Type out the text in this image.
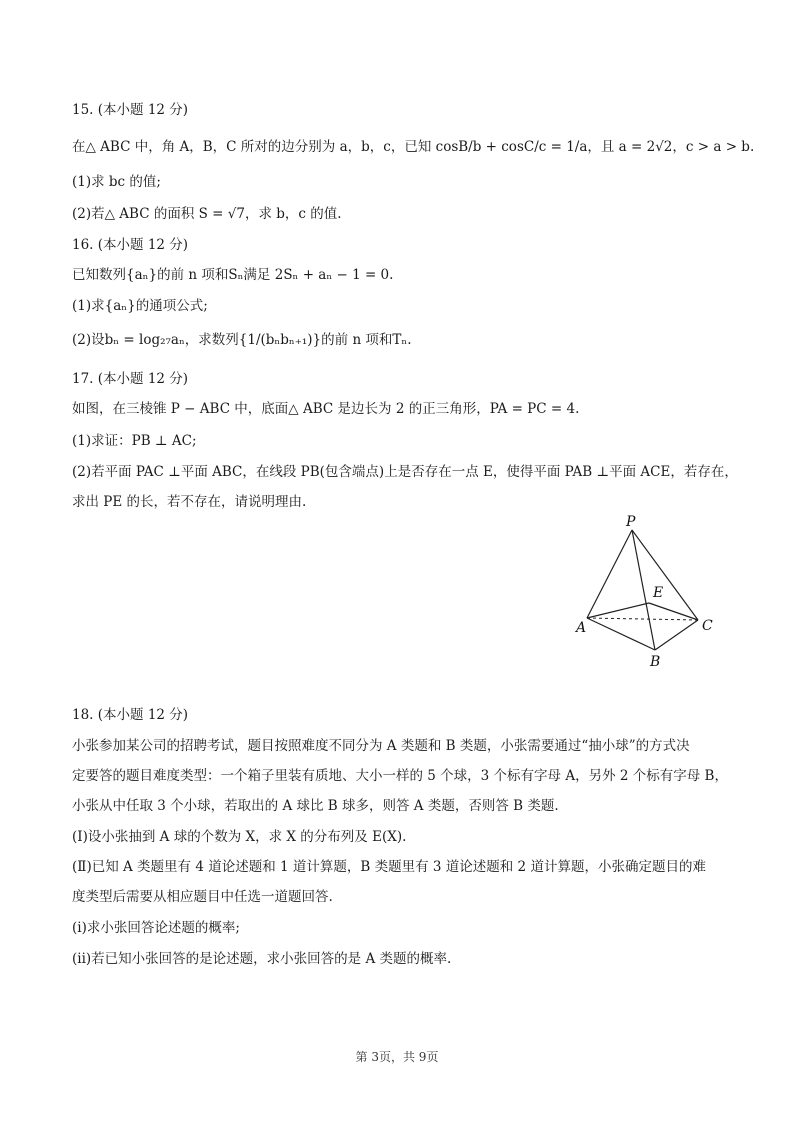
15. (本小题 12 分)
在△ ABC 中，角 A，B，C 所对的边分别为 a，b，c，已知 cosB/b + cosC/c = 1/a，且 a = 2√2，c > a > b.
(1)求 bc 的值;
(2)若△ ABC 的面积 S = √7，求 b，c 的值.
16. (本小题 12 分)
已知数列{aₙ}的前 n 项和Sₙ满足 2Sₙ + aₙ − 1 = 0.
(1)求{aₙ}的通项公式;
(2)设bₙ = log₂₇aₙ，求数列{1/(bₙbₙ₊₁)}的前 n 项和Tₙ.
17. (本小题 12 分)
如图，在三棱锥 P − ABC 中，底面△ ABC 是边长为 2 的正三角形，PA = PC = 4.
(1)求证：PB ⊥ AC;
(2)若平面 PAC ⊥平面 ABC，在线段 PB(包含端点)上是否存在一点 E，使得平面 PAB ⊥平面 ACE，若存在，
求出 PE 的长，若不存在，请说明理由.
P
E
A	C
B
18. (本小题 12 分)
小张参加某公司的招聘考试，题目按照难度不同分为 A 类题和 B 类题，小张需要通过“抽小球”的方式决
定要答的题目难度类型：一个箱子里装有质地、大小一样的 5 个球，3 个标有字母 A，另外 2 个标有字母 B，
小张从中任取 3 个小球，若取出的 A 球比 B 球多，则答 A 类题，否则答 B 类题.
(Ⅰ)设小张抽到 A 球的个数为 X，求 X 的分布列及 E(X).
(Ⅱ)已知 A 类题里有 4 道论述题和 1 道计算题，B 类题里有 3 道论述题和 2 道计算题，小张确定题目的难
度类型后需要从相应题目中任选一道题回答.
(i)求小张回答论述题的概率;
(ii)若已知小张回答的是论述题，求小张回答的是 A 类题的概率.
第 3页，共 9页
